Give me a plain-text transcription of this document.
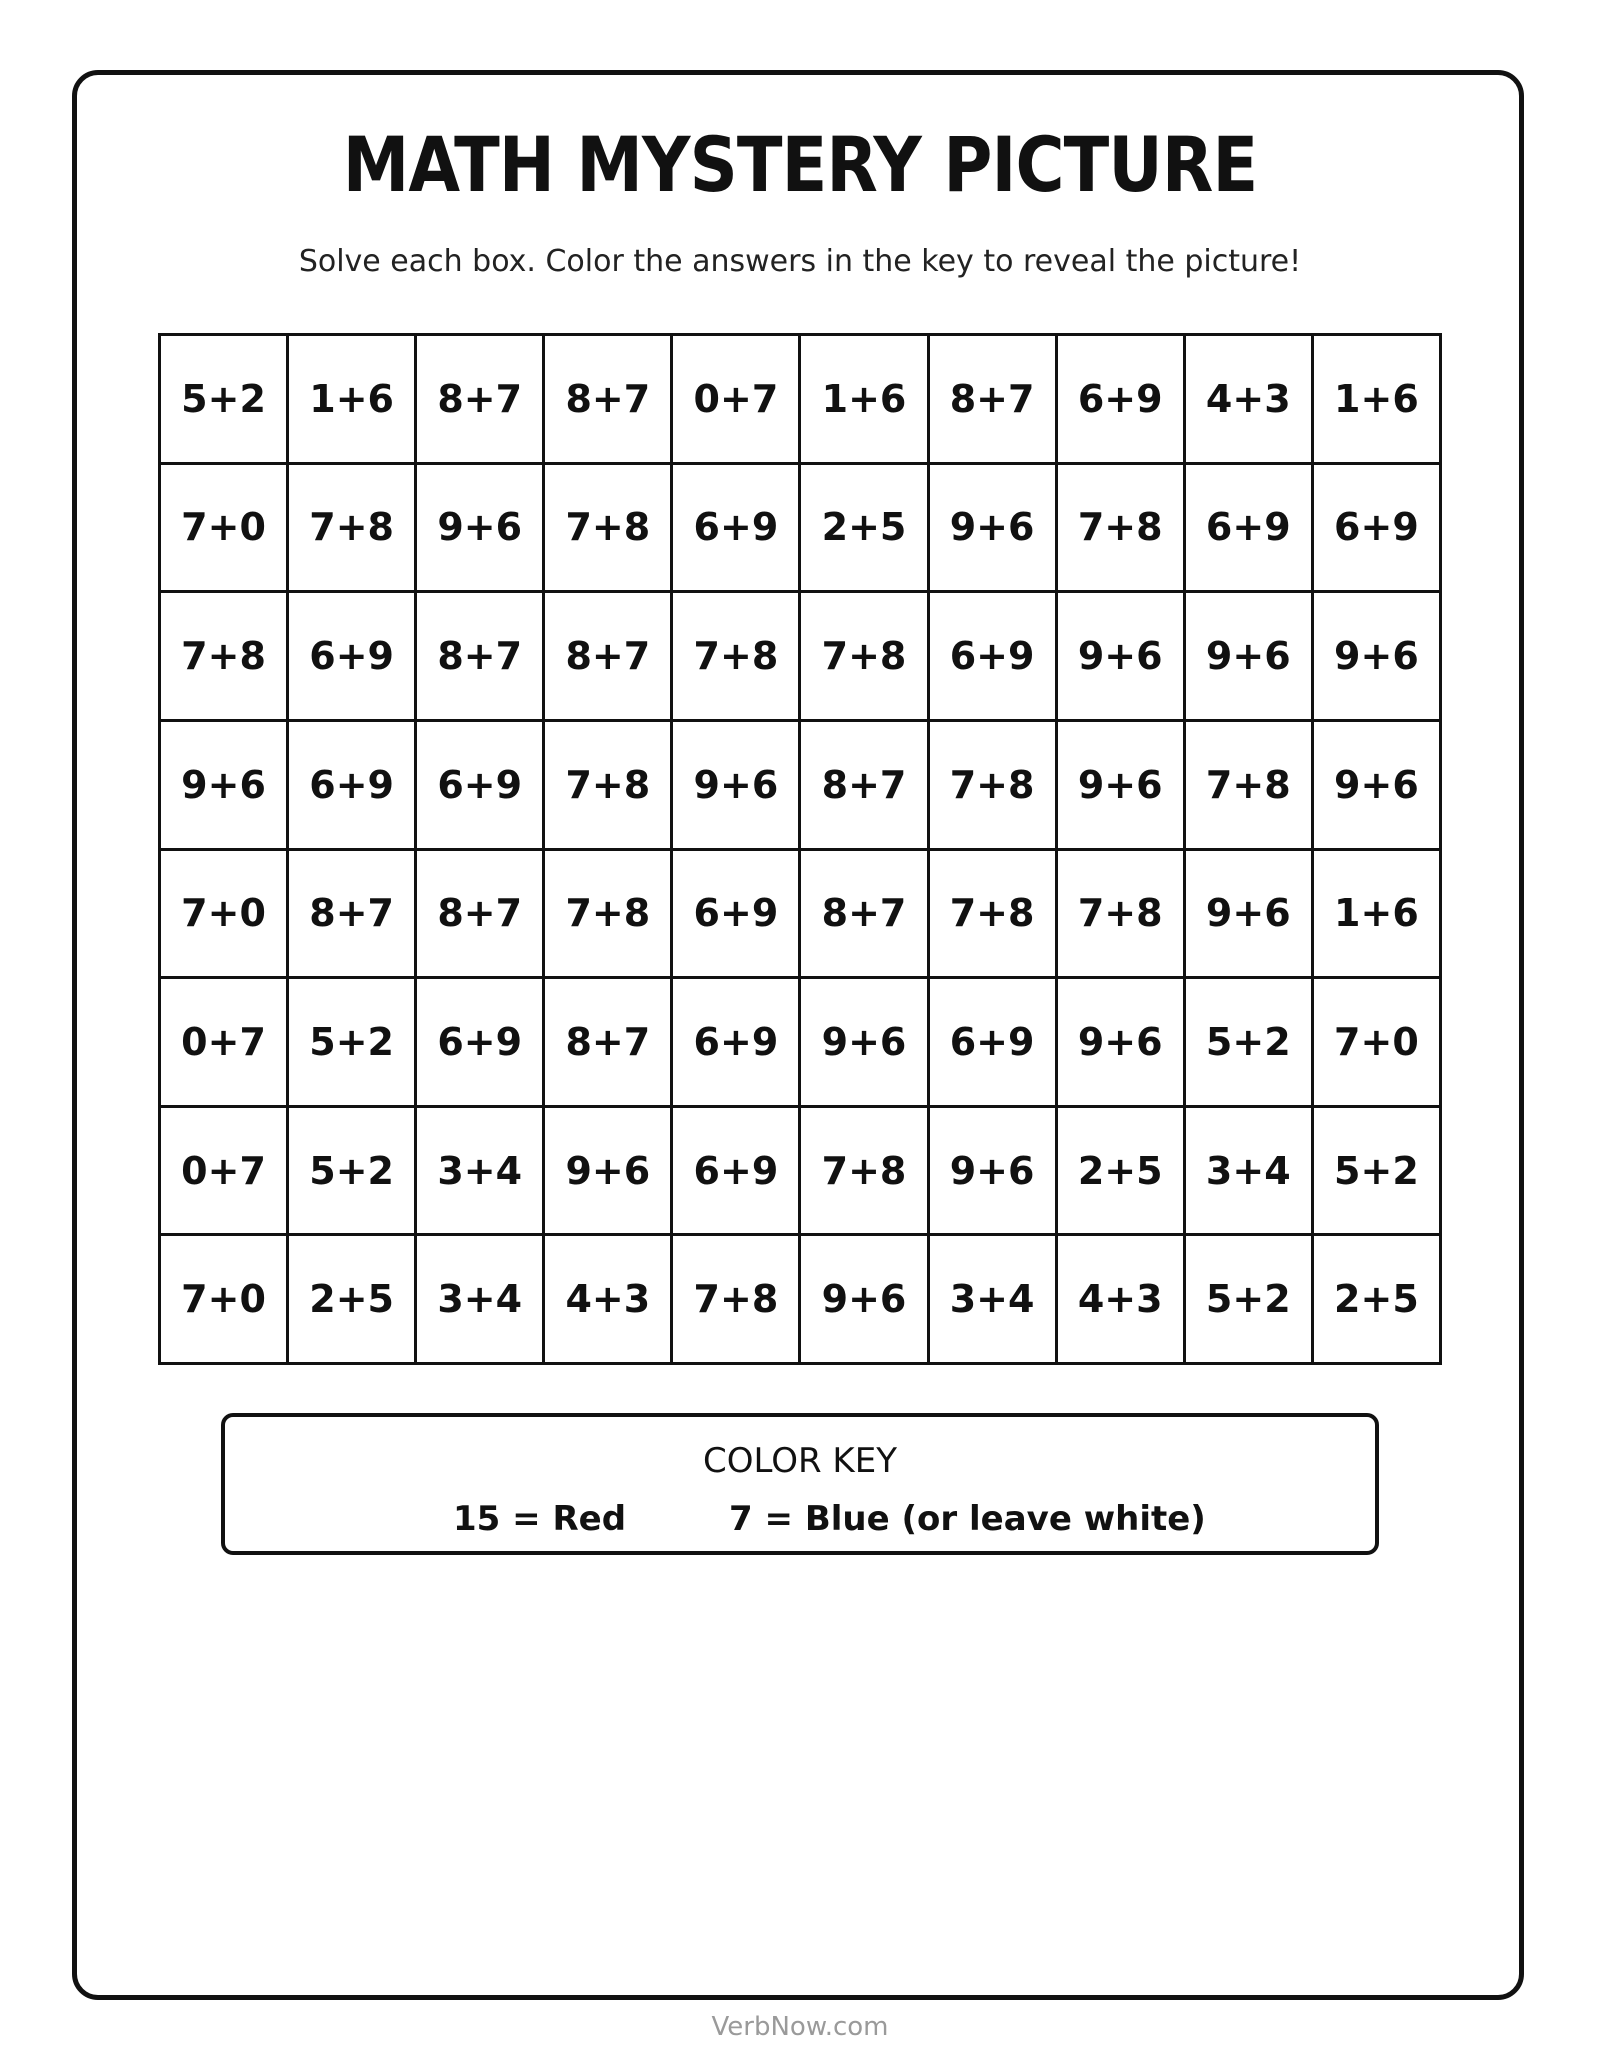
MATH MYSTERY PICTURE
Solve each box. Color the answers in the key to reveal the picture!
5+2	1+6	8+7	8+7	0+7	1+6	8+7	6+9	4+3	1+6
7+0	7+8	9+6	7+8	6+9	2+5	9+6	7+8	6+9	6+9
7+8	6+9	8+7	8+7	7+8	7+8	6+9	9+6	9+6	9+6
9+6	6+9	6+9	7+8	9+6	8+7	7+8	9+6	7+8	9+6
7+0	8+7	8+7	7+8	6+9	8+7	7+8	7+8	9+6	1+6
0+7	5+2	6+9	8+7	6+9	9+6	6+9	9+6	5+2	7+0
0+7	5+2	3+4	9+6	6+9	7+8	9+6	2+5	3+4	5+2
7+0	2+5	3+4	4+3	7+8	9+6	3+4	4+3	5+2	2+5
COLOR KEY
15 = Red	7 = Blue (or leave white)
VerbNow.com
